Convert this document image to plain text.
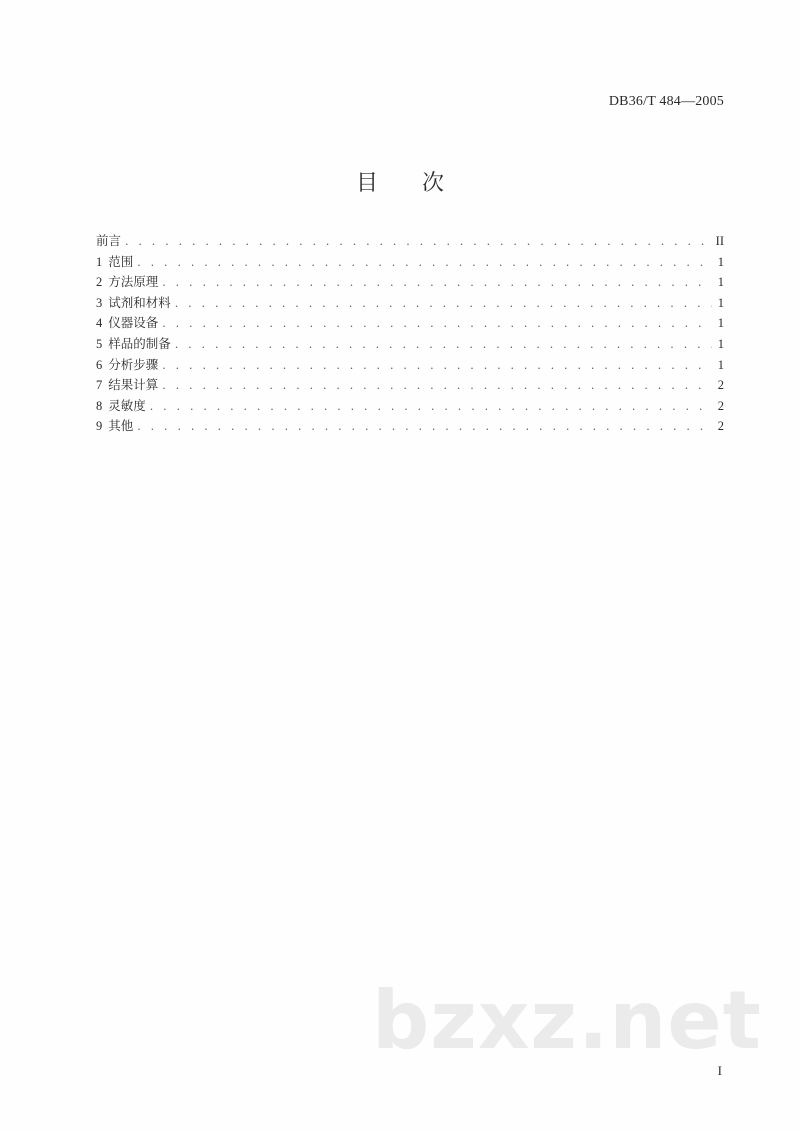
DB36/T 484—2005
目次
前言 . . .	II
1 范围 . . .	1
2 方法原理 . . .	1
3 试剂和材料 . . .	1
4 仪器设备 . . .	1
5 样品的制备 . . .	1
6 分析步骤 . . .	1
7 结果计算 . . .	2
8 灵敏度 . . .	2
9 其他 . . .	2
bzxz.net
I
